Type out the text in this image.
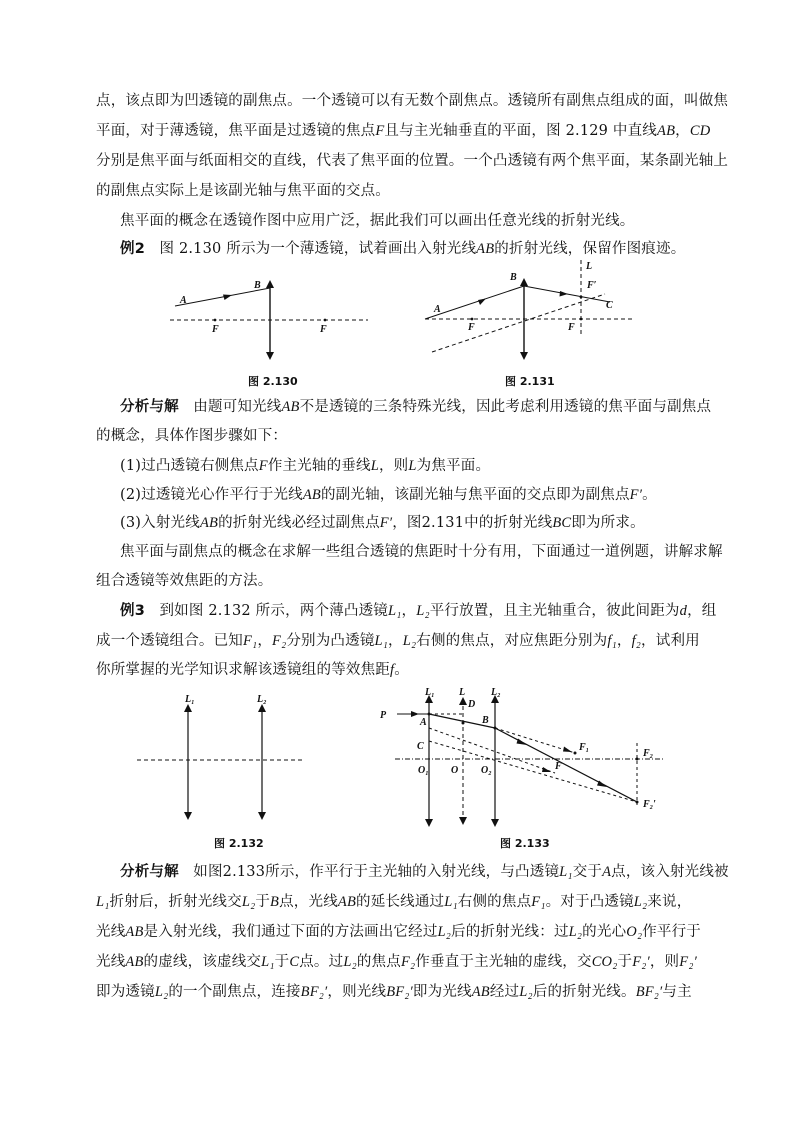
点，该点即为凹透镜的副焦点。一个透镜可以有无数个副焦点。透镜所有副焦点组成的面，叫做焦
平面，对于薄透镜，焦平面是过透镜的焦点F且与主光轴垂直的平面，图 2.129 中直线AB，CD
分别是焦平面与纸面相交的直线，代表了焦平面的位置。一个凸透镜有两个焦平面，某条副光轴上
的副焦点实际上是该副光轴与焦平面的交点。
焦平面的概念在透镜作图中应用广泛，据此我们可以画出任意光线的折射光线。
例2 图 2.130 所示为一个薄透镜，试着画出入射光线AB的折射光线，保留作图痕迹。
A
B
F	F
图 2.130
A
B
F	F
L
F′
C
图 2.131
分析与解 由题可知光线AB不是透镜的三条特殊光线，因此考虑利用透镜的焦平面与副焦点
的概念，具体作图步骤如下：
(1)过凸透镜右侧焦点F作主光轴的垂线L，则L为焦平面。
(2)过透镜光心作平行于光线AB的副光轴，该副光轴与焦平面的交点即为副焦点F′。
(3)入射光线AB的折射光线必经过副焦点F′，图2.131中的折射光线BC即为所求。
焦平面与副焦点的概念在求解一些组合透镜的焦距时十分有用，下面通过一道例题，讲解求解
组合透镜等效焦距的方法。
例3 到如图 2.132 所示，两个薄凸透镜L₁，L₂平行放置，且主光轴重合，彼此间距为d，组
成一个透镜组合。已知F₁，F₂分别为凸透镜L₁，L₂右侧的焦点，对应焦距分别为f₁，f₂，试利用
你所掌握的光学知识求解该透镜组的等效焦距f。
L₁	L₂
图 2.132
L₁ L	L₂
P
A
D
B
C	F₁
F₂
O₁ O O₂	F
F₂′
图 2.133
分析与解 如图2.133所示，作平行于主光轴的入射光线，与凸透镜L₁交于A点，该入射光线被
L₁折射后，折射光线交L₂于B点，光线AB的延长线通过L₁右侧的焦点F₁。对于凸透镜L₂来说，
光线AB是入射光线，我们通过下面的方法画出它经过L₂后的折射光线：过L₂的光心O₂作平行于
光线AB的虚线，该虚线交L₁于C点。过L₂的焦点F₂作垂直于主光轴的虚线，交CO₂于F₂′，则F₂′
即为透镜L₂的一个副焦点，连接BF₂′，则光线BF₂′即为光线AB经过L₂后的折射光线。BF₂′与主
